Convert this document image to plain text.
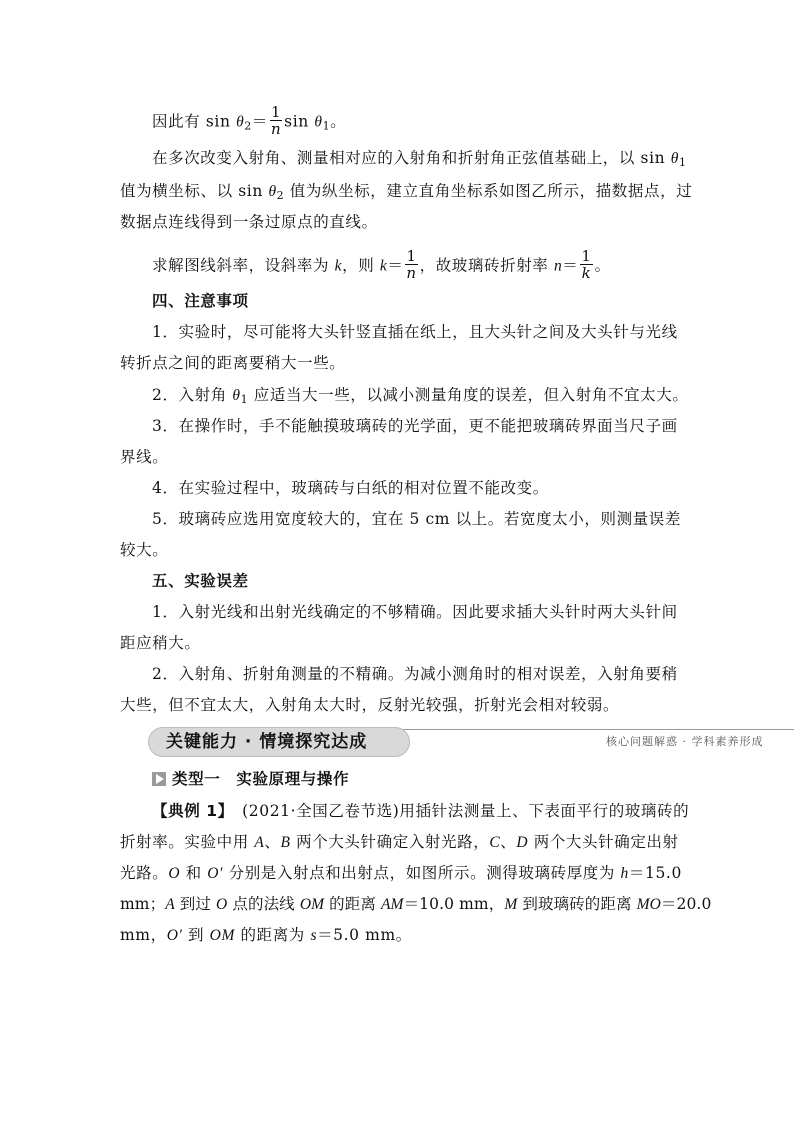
因此有 $\sin \theta_2= \frac{1}{n}$ $\sin \theta_1$。
在多次改变入射角、测量相对应的入射角和折射角正弦值基础上，以 $\sin \theta_1$
值为横坐标、以 $\sin \theta_2$ 值为纵坐标，建立直角坐标系如图乙所示，描数据点，过
数据点连线得到一条过原点的直线。
求解图线斜率，设斜率为 k，则 $k= \frac{1}{n}$ ，故玻璃砖折射率 $n= \frac{1}{k}$ 。
四、注意事项
1．实验时，尽可能将大头针竖直插在纸上，且大头针之间及大头针与光线
转折点之间的距离要稍大一些。
2．入射角 $\theta_1$ 应适当大一些，以减小测量角度的误差，但入射角不宜太大。
3．在操作时，手不能触摸玻璃砖的光学面，更不能把玻璃砖界面当尺子画
界线。
4．在实验过程中，玻璃砖与白纸的相对位置不能改变。
5．玻璃砖应选用宽度较大的，宜在 5 cm 以上。若宽度太小，则测量误差
较大。
五、实验误差
1．入射光线和出射光线确定的不够精确。因此要求插大头针时两大头针间
距应稍大。
2．入射角、折射角测量的不精确。为减小测角时的相对误差，入射角要稍
大些，但不宜太大，入射角太大时，反射光较强，折射光会相对较弱。
关键能力 · 情境探究达成	核心问题解惑 · 学科素养形成
类型一　实验原理与操作
【典例 1】　(2021·全国乙卷节选)用插针法测量上、下表面平行的玻璃砖的
折射率。实验中用 A、B 两个大头针确定入射光路，C、D 两个大头针确定出射
光路。O 和 O′ 分别是入射点和出射点，如图所示。测得玻璃砖厚度为 h＝15.0
mm；A 到过 O 点的法线 OM 的距离 AM＝10.0 mm，M 到玻璃砖的距离 MO＝20.0
mm，O′ 到 OM 的距离为 s＝5.0 mm。
